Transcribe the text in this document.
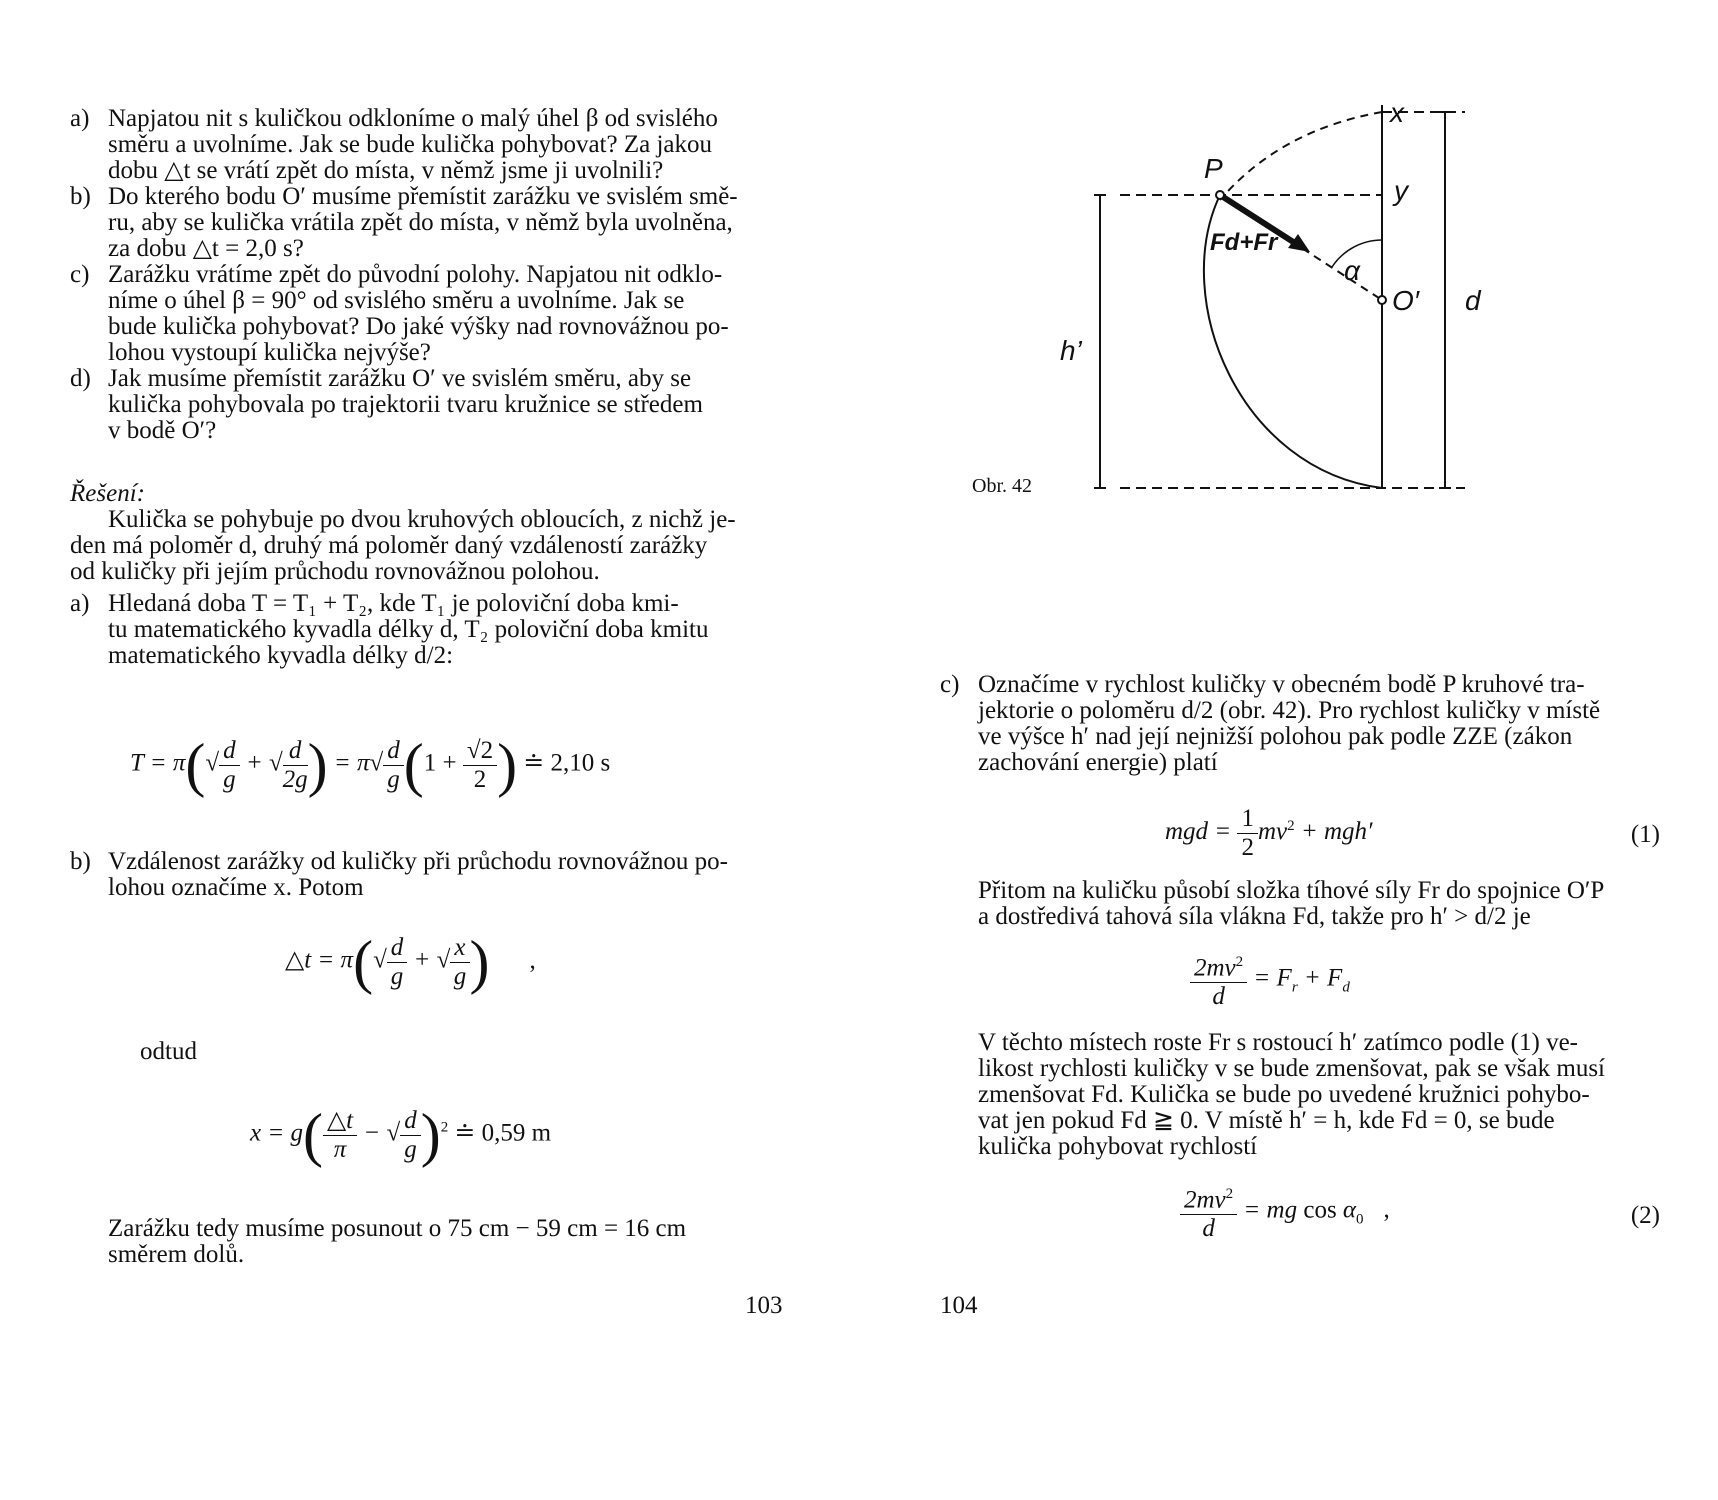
a) Napjatou nit s kuličkou odkloníme o malý úhel β od svislého
směru a uvolníme. Jak se bude kulička pohybovat? Za jakou
dobu △t se vrátí zpět do místa, v němž jsme ji uvolnili?

b) Do kterého bodu O′ musíme přemístit zarážku ve svislém smě-
ru, aby se kulička vrátila zpět do místa, v němž byla uvolněna,
za dobu △t = 2,0 s?

c) Zarážku vrátíme zpět do původní polohy. Napjatou nit odklo-
níme o úhel β = 90° od svislého směru a uvolníme. Jak se
bude kulička pohybovat? Do jaké výšky nad rovnovážnou po-
lohou vystoupí kulička nejvýše?

d) Jak musíme přemístit zarážku O′ ve svislém směru, aby se
kulička pohybovala po trajektorii tvaru kružnice se středem
v bodě O′?

Řešení:
Kulička se pohybuje po dvou kruhových obloucích, z nichž je-
den má poloměr d, druhý má poloměr daný vzdáleností zarážky
od kuličky při jejím průchodu rovnovážnou polohou.

a) Hledaná doba T = T₁ + T₂, kde T₁ je poloviční doba kmi-
tu matematického kyvadla délky d, T₂ poloviční doba kmitu
matematického kyvadla délky d/2:

$T = \pi(√ \frac{d}{g}$ + √ $\frac{d}{2g}$ ) = $\pi√ \frac{d}{g} (1 + \frac{√2}{2}$ ) ≐ 2,10 s

b) Vzdálenost zarážky od kuličky při průchodu rovnovážnou po-
lohou označíme x. Potom

△t = $\pi(√ \frac{d}{g}$ + √ $\frac{x}{g}$ ) ,
odtud
$x = g( \frac{\triangle t}{\pi}$ − √ $\frac{d}{g} )^2$ ≐ 0,59 m
Zarážku tedy musíme posunout o 75 cm − 59 cm = 16 cm
směrem dolů.
103
Obr. 42
P
x
y
Fd+Fr
α
O′
h’
d

c) Označíme v rychlost kuličky v obecném bodě P kruhové tra-
jektorie o poloměru d/2 (obr. 42). Pro rychlost kuličky v místě
ve výšce h′ nad její nejnižší polohou pak podle ZZE (zákon
zachování energie) platí

mgd = $\frac{1}{2} mv^2 + mgh'$	(1)
Přitom na kuličku působí složka tíhové síly Fr do spojnice O′P
a dostředivá tahová síla vlákna Fd, takže pro h′ > d/2 je
$\frac{2mv^2}{d} = F_r + F_d$
V těchto místech roste Fr s rostoucí h′ zatímco podle (1) ve-
likost rychlosti kuličky v se bude zmenšovat, pak se však musí
zmenšovat Fd. Kulička se bude po uvedené kružnici pohybo-
vat jen pokud Fd ≧ 0. V místě h′ = h, kde Fd = 0, se bude
kulička pohybovat rychlostí
$\frac{2mv^2}{d}$ = mg $\cos \alpha_0$ ,	(2)
104
